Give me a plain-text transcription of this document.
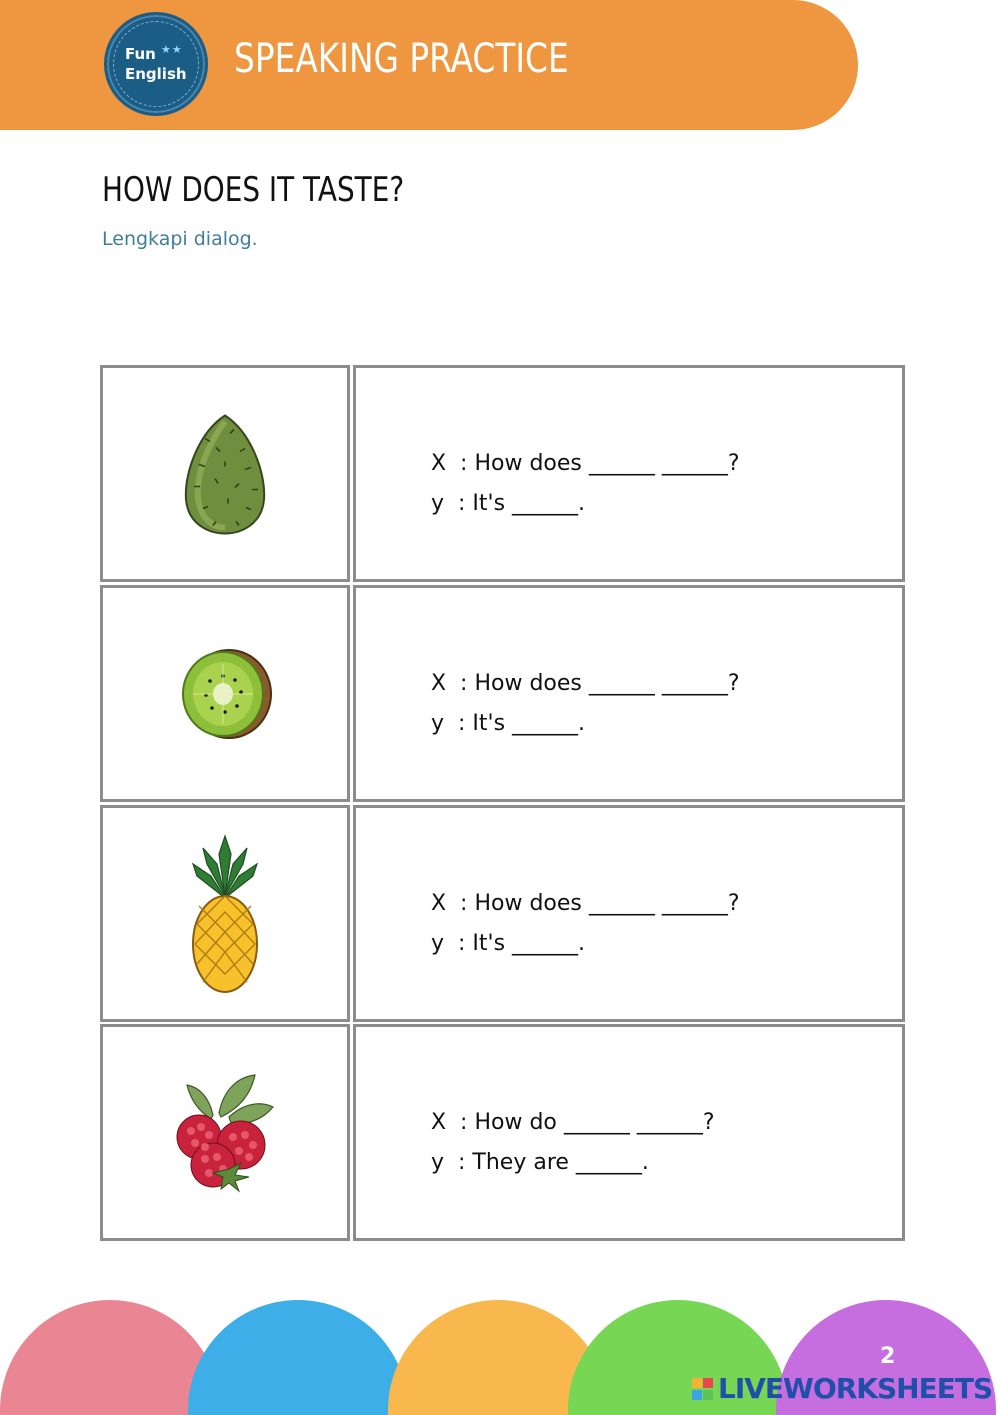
Fun ★★
English SPEAKING PRACTICE
HOW DOES IT TASTE?
Lengkapi dialog.
X  : How does ______ ______?
y  : It's ______.
X  : How does ______ ______?
y  : It's ______.
X  : How does ______ ______?
y  : It's ______.
X  : How do ______ ______?
y  : They are ______.
2
LIVEWORKSHEETS
